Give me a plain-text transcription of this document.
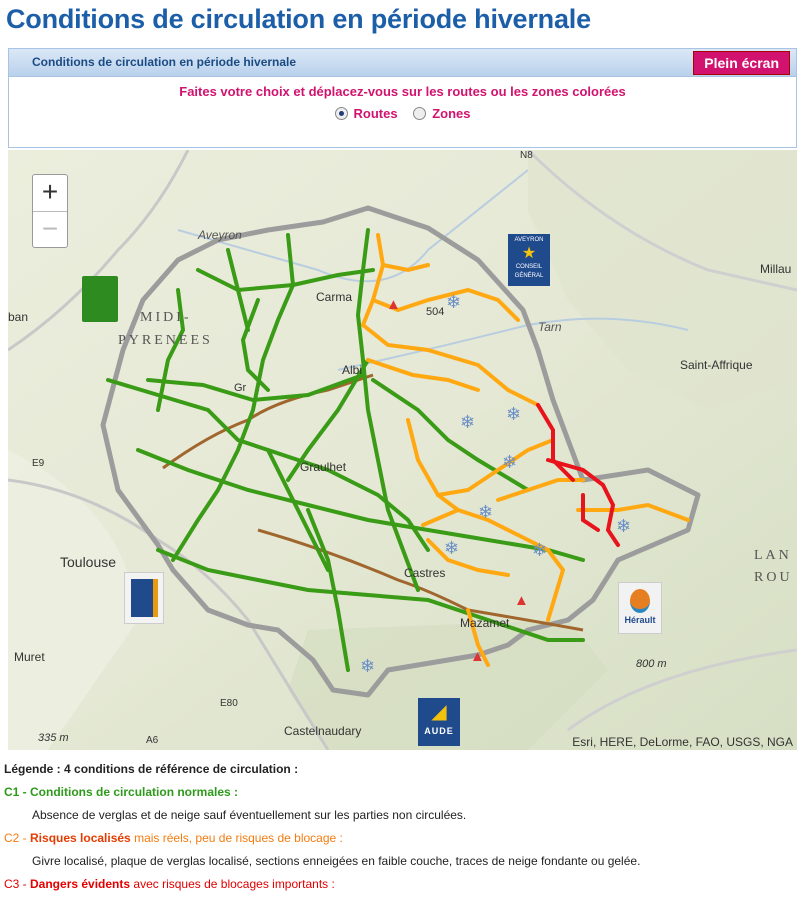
Conditions de circulation en période hivernale
Conditions de circulation en période hivernale	Plein écran
Faites votre choix et déplacez-vous sur les routes ou les zones colorées
Routes
	Zones
+
−
MIDI-
PYRENEES
Carma
Albi
Graulhet
Castres
Mazamet
Toulouse
Muret
Castelnaudary
Saint-Affrique
Millau
LAN
ROU
ban
Aveyron
Tarn
E9
E80
A6
N8
504
800 m
335 m
Gr
❄
❄ ❄
❄
❄
❄	❄
❄
❄
▲
▲
▲
AVEYRON
★
CONSEIL GÉNÉRAL
Hérault
◢
AUDE
Esri, HERE, DeLorme, FAO, USGS, NGA
Légende : 4 conditions de référence de circulation :
C1 - Conditions de circulation normales :
Absence de verglas et de neige sauf éventuellement sur les parties non circulées.
C2 - Risques localisés mais réels, peu de risques de blocage :
Givre localisé, plaque de verglas localisé, sections enneigées en faible couche, traces de neige fondante ou gelée.
C3 - Dangers évidents avec risques de blocages importants :
